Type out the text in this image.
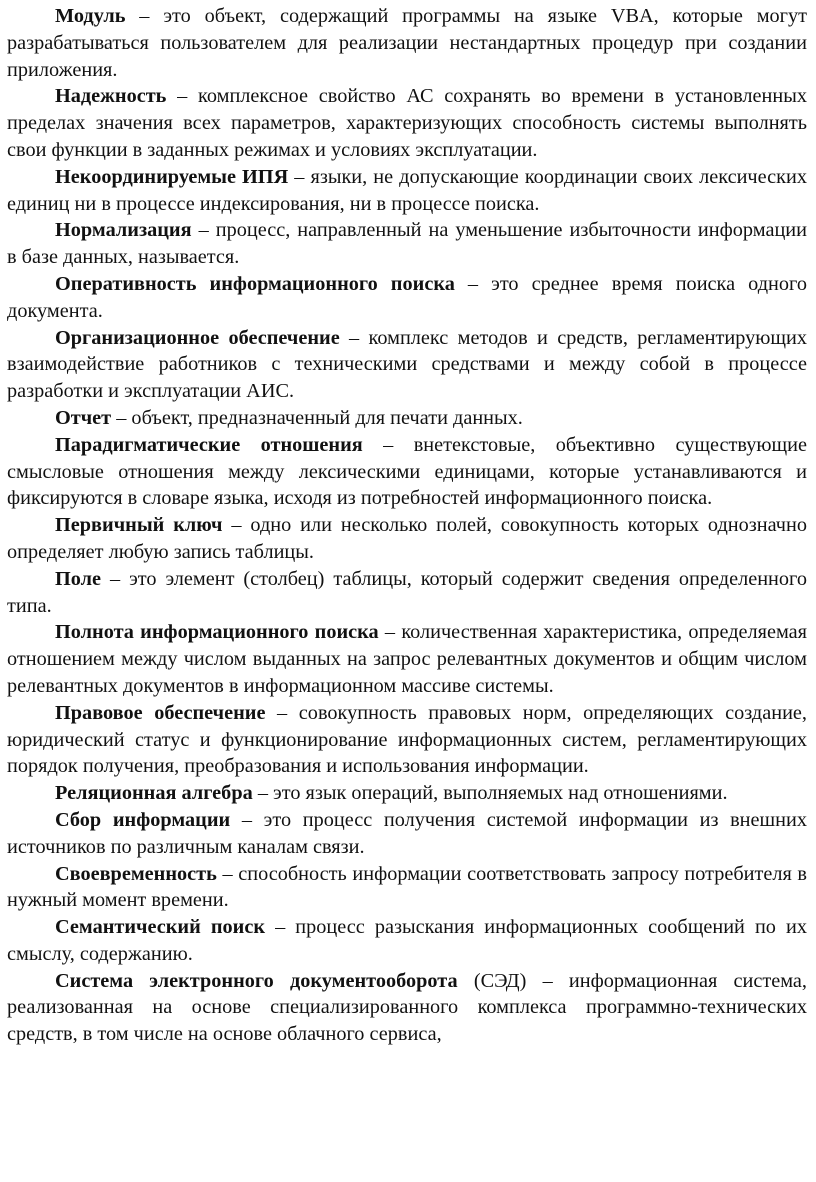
Модуль – это объект, содержащий программы на языке VBA, которые могут разрабатываться пользователем для реализации нестандартных процедур при создании приложения.

Надежность – комплексное свойство АС сохранять во времени в установленных пределах значения всех параметров, характеризующих способность системы выполнять свои функции в заданных режимах и условиях эксплуатации.

Некоординируемые ИПЯ – языки, не допускающие координации своих лексических единиц ни в процессе индексирования, ни в процессе поиска.

Нормализация – процесс, направленный на уменьшение избыточности информации в базе данных, называется.

Оперативность информационного поиска – это среднее время поиска одного документа.

Организационное обеспечение – комплекс методов и средств, регламентирующих взаимодействие работников с техническими средствами и между собой в процессе разработки и эксплуатации АИС.

Отчет – объект, предназначенный для печати данных.

Парадигматические отношения – внетекстовые, объективно существующие смысловые отношения между лексическими единицами, которые устанавливаются и фиксируются в словаре языка, исходя из потребностей информационного поиска.

Первичный ключ – одно или несколько полей, совокупность которых однозначно определяет любую запись таблицы.

Поле – это элемент (столбец) таблицы, который содержит сведения определенного типа.

Полнота информационного поиска – количественная характеристика, определяемая отношением между числом выданных на запрос релевантных документов и общим числом релевантных документов в информационном массиве системы.

Правовое обеспечение – совокупность правовых норм, определяющих создание, юридический статус и функционирование информационных систем, регламентирующих порядок получения, преобразования и использования информации.

Реляционная алгебра – это язык операций, выполняемых над отношениями.

Сбор информации – это процесс получения системой информации из внешних источников по различным каналам связи.

Своевременность – способность информации соответствовать запросу потребителя в нужный момент времени.

Семантический поиск – процесс разыскания информационных сообщений по их смыслу, содержанию.

Система электронного документооборота (СЭД) – информационная система, реализованная на основе специализированного комплекса программно-технических средств, в том числе на основе облачного сервиса,
